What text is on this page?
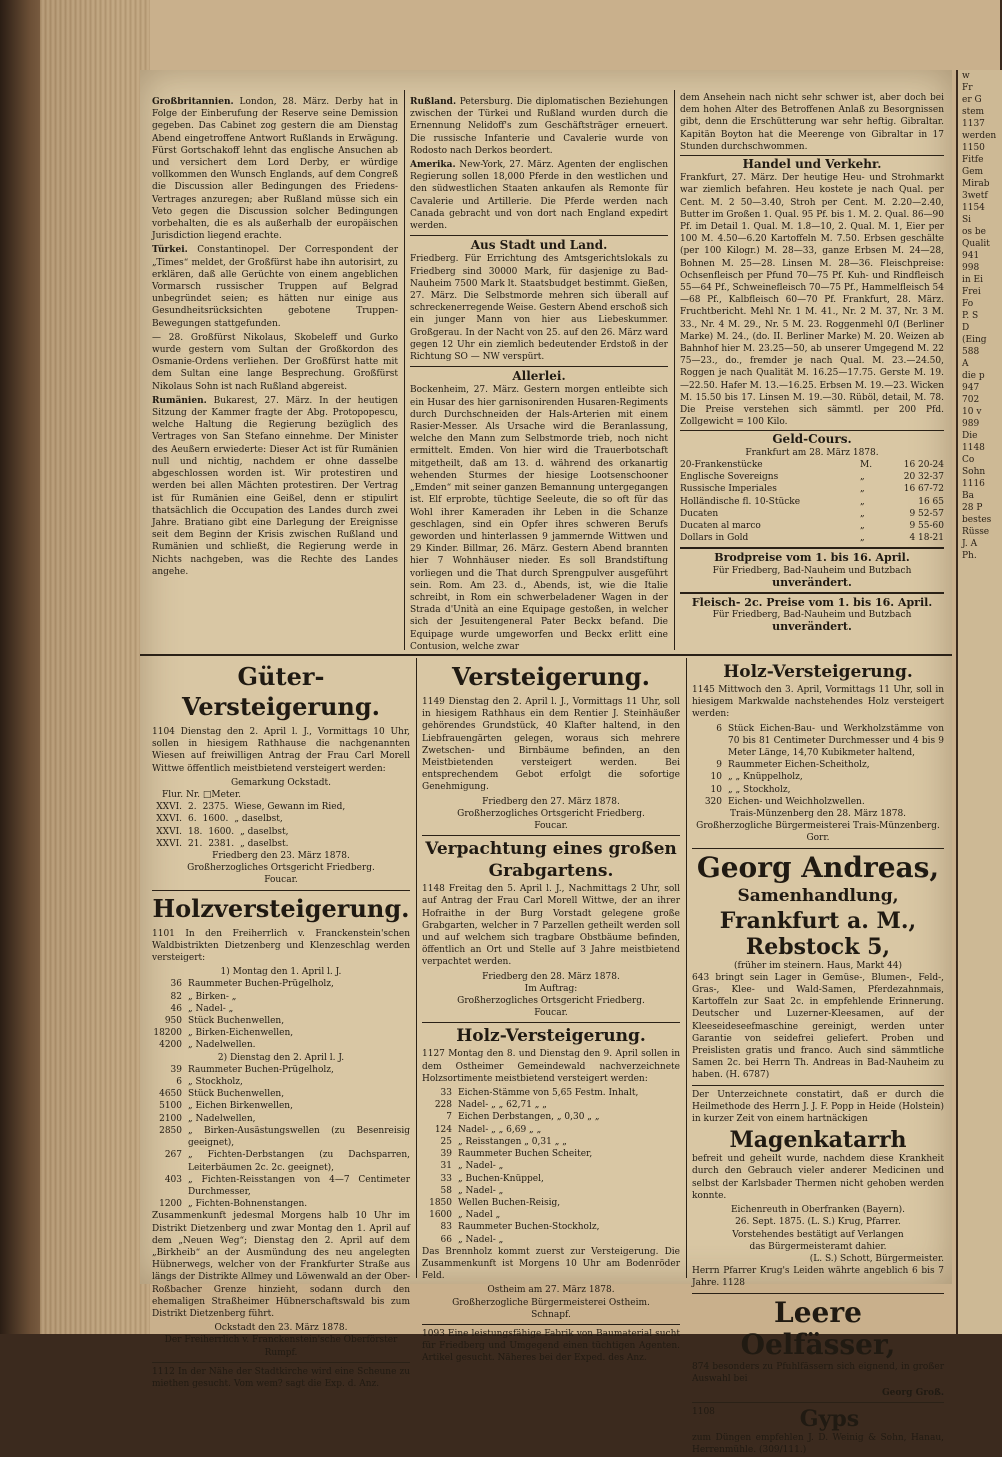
Großbritannien. London, 28. März. Derby hat in Folge der Einberufung der Reserve seine Demission gegeben. Das Cabinet zog gestern die am Dienstag Abend eingetroffene Antwort Rußlands in Erwägung. Fürst Gortschakoff lehnt das englische Ansuchen ab und versichert dem Lord Derby, er würdige vollkommen den Wunsch Englands, auf dem Congreß die Discussion aller Bedingungen des Friedens-Vertrages anzuregen; aber Rußland müsse sich ein Veto gegen die Discussion solcher Bedingungen vorbehalten, die es als außerhalb der europäischen Jurisdiction liegend erachte.

Türkei. Constantinopel. Der Correspondent der „Times“ meldet, der Großfürst habe ihn autorisirt, zu erklären, daß alle Gerüchte von einem angeblichen Vormarsch russischer Truppen auf Belgrad unbegründet seien; es hätten nur einige aus Gesundheitsrücksichten gebotene Truppen-Bewegungen stattgefunden.

— 28. Großfürst Nikolaus, Skobeleff und Gurko wurde gestern vom Sultan der Großkordon des Osmanie-Ordens verliehen. Der Großfürst hatte mit dem Sultan eine lange Besprechung. Großfürst Nikolaus Sohn ist nach Rußland abgereist.

Rumänien. Bukarest, 27. März. In der heutigen Sitzung der Kammer fragte der Abg. Protopopescu, welche Haltung die Regierung bezüglich des Vertrages von San Stefano einnehme. Der Minister des Aeußern erwiederte: Dieser Act ist für Rumänien null und nichtig, nachdem er ohne dasselbe abgeschlossen worden ist. Wir protestiren und werden bei allen Mächten protestiren. Der Vertrag ist für Rumänien eine Geißel, denn er stipulirt thatsächlich die Occupation des Landes durch zwei Jahre. Bratiano gibt eine Darlegung der Ereignisse seit dem Beginn der Krisis zwischen Rußland und Rumänien und schließt, die Regierung werde in Nichts nachgeben, was die Rechte des Landes angehe.

Rußland. Petersburg. Die diplomatischen Beziehungen zwischen der Türkei und Rußland wurden durch die Ernennung Nelidoff's zum Geschäftsträger erneuert. Die russische Infanterie und Cavalerie wurde von Rodosto nach Derkos beordert.

Amerika. New-York, 27. März. Agenten der englischen Regierung sollen 18,000 Pferde in den westlichen und den südwestlichen Staaten ankaufen als Remonte für Cavalerie und Artillerie. Die Pferde werden nach Canada gebracht und von dort nach England expedirt werden.

Aus Stadt und Land.

Friedberg. Für Errichtung des Amtsgerichtslokals zu Friedberg sind 30000 Mark, für dasjenige zu Bad-Nauheim 7500 Mark lt. Staatsbudget bestimmt. Gießen, 27. März. Die Selbstmorde mehren sich überall auf schreckenerregende Weise. Gestern Abend erschoß sich ein junger Mann von hier aus Liebeskummer. Großgerau. In der Nacht von 25. auf den 26. März ward gegen 12 Uhr ein ziemlich bedeutender Erdstoß in der Richtung SO — NW verspürt.

Allerlei.

Bockenheim, 27. März. Gestern morgen entleibte sich ein Husar des hier garnisonirenden Husaren-Regiments durch Durchschneiden der Hals-Arterien mit einem Rasier-Messer. Als Ursache wird die Beranlassung, welche den Mann zum Selbstmorde trieb, noch nicht ermittelt. Emden. Von hier wird die Trauerbotschaft mitgetheilt, daß am 13. d. während des orkanartig wehenden Sturmes der hiesige Lootsenschooner „Emden“ mit seiner ganzen Bemannung untergegangen ist. Elf erprobte, tüchtige Seeleute, die so oft für das Wohl ihrer Kameraden ihr Leben in die Schanze geschlagen, sind ein Opfer ihres schweren Berufs geworden und hinterlassen 9 jammernde Wittwen und 29 Kinder. Billmar, 26. März. Gestern Abend brannten hier 7 Wohnhäuser nieder. Es soll Brandstiftung vorliegen und die That durch Sprengpulver ausgeführt sein. Rom. Am 23. d., Abends, ist, wie die Italie schreibt, in Rom ein schwerbeladener Wagen in der Strada d'Unità an eine Equipage gestoßen, in welcher sich der Jesuitengeneral Pater Beckx befand. Die Equipage wurde umgeworfen und Beckx erlitt eine Contusion, welche zwar

dem Ansehein nach nicht sehr schwer ist, aber doch bei dem hohen Alter des Betroffenen Anlaß zu Besorgnissen gibt, denn die Erschütterung war sehr heftig. Gibraltar. Kapitän Boyton hat die Meerenge von Gibraltar in 17 Stunden durchschwommen.

Handel und Verkehr.

Frankfurt, 27. März. Der heutige Heu- und Strohmarkt war ziemlich befahren. Heu kostete je nach Qual. per Cent. M. 2 50—3.40, Stroh per Cent. M. 2.20—2.40, Butter im Großen 1. Qual. 95 Pf. bis 1. M. 2. Qual. 86—90 Pf. im Detail 1. Qual. M. 1.8—10, 2. Qual. M. 1, Eier per 100 M. 4.50—6.20 Kartoffeln M. 7.50. Erbsen geschälte (per 100 Kilogr.) M. 28—33, ganze Erbsen M. 24—28, Bohnen M. 25—28. Linsen M. 28—36. Fleischpreise: Ochsenfleisch per Pfund 70—75 Pf. Kuh- und Rindfleisch 55—64 Pf., Schweinefleisch 70—75 Pf., Hammelfleisch 54—68 Pf., Kalbfleisch 60—70 Pf. Frankfurt, 28. März. Fruchtbericht. Mehl Nr. 1 M. 41., Nr. 2 M. 37, Nr. 3 M. 33., Nr. 4 M. 29., Nr. 5 M. 23. Roggenmehl 0/I (Berliner Marke) M. 24., (do. II. Berliner Marke) M. 20. Weizen ab Bahnhof hier M. 23.25—50, ab unserer Umgegend M. 22 75—23., do., fremder je nach Qual. M. 23.—24.50, Roggen je nach Qualität M. 16.25—17.75. Gerste M. 19.—22.50. Hafer M. 13.—16.25. Erbsen M. 19.—23. Wicken M. 15.50 bis 17. Linsen M. 19.—30. Rüböl, detail, M. 78. Die Preise verstehen sich sämmtl. per 200 Pfd. Zollgewicht = 100 Kilo.

Geld-Cours.
Frankfurt am 28. März 1878.
20-Frankenstücke	M.	16 20-24
Englische Sovereigns	„	20 32-37
Russische Imperiales	„	16 67-72
Holländische fl. 10-Stücke	„	16 65
Ducaten	„	9 52-57
Ducaten al marco	„	9 55-60
Dollars in Gold	„	4 18-21
Brodpreise vom 1. bis 16. April.
Für Friedberg, Bad-Nauheim und Butzbach
unverändert.
Fleisch- 2c. Preise vom 1. bis 16. April.
Für Friedberg, Bad-Nauheim und Butzbach
unverändert.
Güter-Versteigerung.

1104 Dienstag den 2. April l. J., Vormittags 10 Uhr, sollen in hiesigem Rathhause die nachgenannten Wiesen auf freiwilligen Antrag der Frau Carl Morell Wittwe öffentlich meistbietend versteigert werden:

Gemarkung Ockstadt.
Flur. Nr. □Meter.
XXVI. 2. 2375. Wiese, Gewann im Ried,
XXVI. 6. 1600. „ daselbst,
XXVI. 18. 1600. „ daselbst,
XXVI. 21. 2381. „ daselbst.
Friedberg den 23. März 1878.
Großherzogliches Ortsgericht Friedberg.
Foucar.
Holzversteigerung.

1101 In den Freiherrlich v. Franckenstein'schen Waldbistrikten Dietzenberg und Klenzeschlag werden versteigert:

1) Montag den 1. April l. J.
36 Raummeter Buchen-Prügelholz,
82 „ Birken- „
46 „ Nadel- „
950 Stück Buchenwellen,
18200 „ Birken-Eichenwellen,
4200 „ Nadelwellen.
2) Dienstag den 2. April l. J.
39 Raummeter Buchen-Prügelholz,
6 „ Stockholz,
4650 Stück Buchenwellen,
5100 „ Eichen Birkenwellen,
2100 „ Nadelwellen,
2850 „ Birken-Ausästungswellen (zu Besenreisig geeignet),
267 „ Fichten-Derbstangen (zu Dachsparren, Leiterbäumen 2c. 2c. geeignet),
403 „ Fichten-Reisstangen von 4—7 Centimeter Durchmesser,
1200 „ Fichten-Bohnenstangen.

Zusammenkunft jedesmal Morgens halb 10 Uhr im Distrikt Dietzenberg und zwar Montag den 1. April auf dem „Neuen Weg“; Dienstag den 2. April auf dem „Birkheib“ an der Ausmündung des neu angelegten Hübnerwegs, welcher von der Frankfurter Straße aus längs der Distrikte Allmey und Löwenwald an der Ober-Roßbacher Grenze hinzieht, sodann durch den ehemaligen Straßheimer Hübnerschaftswald bis zum Distrikt Dietzenberg führt.

Ockstadt den 23. März 1878.
Der Freiherrlich v. Franckenstein'sche Oberförster
Rumpf.

1112 In der Nähe der Stadtkirche wird eine Scheune zu miethen gesucht. Vom wem? sagt die Exp. d. Anz.

Versteigerung.

1149 Dienstag den 2. April l. J., Vormittags 11 Uhr, soll in hiesigem Rathhaus ein dem Rentier J. Steinhäußer gehörendes Grundstück, 40 Klafter haltend, in den Liebfrauengärten gelegen, woraus sich mehrere Zwetschen- und Birnbäume befinden, an den Meistbietenden versteigert werden. Bei entsprechendem Gebot erfolgt die sofortige Genehmigung.

Friedberg den 27. März 1878.
Großherzogliches Ortsgericht Friedberg.
Foucar.
Verpachtung eines großen
Grabgartens.

1148 Freitag den 5. April l. J., Nachmittags 2 Uhr, soll auf Antrag der Frau Carl Morell Wittwe, der an ihrer Hofraithe in der Burg Vorstadt gelegene große Grabgarten, welcher in 7 Parzellen getheilt werden soll und auf welchem sich tragbare Obstbäume befinden, öffentlich an Ort und Stelle auf 3 Jahre meistbietend verpachtet werden.

Friedberg den 28. März 1878.
Im Auftrag:
Großherzogliches Ortsgericht Friedberg.
Foucar.
Holz-Versteigerung.

1127 Montag den 8. und Dienstag den 9. April sollen in dem Ostheimer Gemeindewald nachverzeichnete Holzsortimente meistbietend versteigert werden:

33 Eichen-Stämme von 5,65 Festm. Inhalt,
228 Nadel- „ „ 62,71 „ „
7 Eichen Derbstangen, „ 0,30 „ „
124 Nadel- „ „ 6,69 „ „
25 „ Reisstangen „ 0,31 „ „
39 Raummeter Buchen Scheiter,
31 „ Nadel- „
33 „ Buchen-Knüppel,
58 „ Nadel- „
1850 Wellen Buchen-Reisig,
1600 „ Nadel „
83 Raummeter Buchen-Stockholz,
66 „ Nadel- „

Das Brennholz kommt zuerst zur Versteigerung. Die Zusammenkunft ist Morgens 10 Uhr am Bodenröder Feld.

Ostheim am 27. März 1878.
Großherzogliche Bürgermeisterei Ostheim.
Schnapf.

1093 Eine leistungsfähige Fabrik von Baumaterial sucht für Friedberg und Umgegend einen tüchtigen Agenten. Artikel gesucht. Näheres bei der Exped. des Anz.

Holz-Versteigerung.

1145 Mittwoch den 3. April, Vormittags 11 Uhr, soll in hiesigem Markwalde nachstehendes Holz versteigert werden:

6 Stück Eichen-Bau- und Werkholzstämme von 70 bis 81 Centimeter Durchmesser und 4 bis 9 Meter Länge, 14,70 Kubikmeter haltend,
9 Raummeter Eichen-Scheitholz,
10 „ „ Knüppelholz,
10 „ „ Stockholz,
320 Eichen- und Weichholzwellen.
Trais-Münzenberg den 28. März 1878.
Großherzogliche Bürgermeisterei Trais-Münzenberg.
Gorr.
Georg Andreas,
Samenhandlung,
Frankfurt a. M., Rebstock 5,
(früher im steinern. Haus, Markt 44)

643 bringt sein Lager in Gemüse-, Blumen-, Feld-, Gras-, Klee- und Wald-Samen, Pferdezahnmais, Kartoffeln zur Saat 2c. in empfehlende Erinnerung. Deutscher und Luzerner-Kleesamen, auf der Kleeseideseefmaschine gereinigt, werden unter Garantie von seidefrei geliefert. Proben und Preislisten gratis und franco. Auch sind sämmtliche Samen 2c. bei Herrn Th. Andreas in Bad-Nauheim zu haben. (H. 6787)

Der Unterzeichnete constatirt, daß er durch die Heilmethode des Herrn J. J. F. Popp in Heide (Holstein) in kurzer Zeit von einem hartnäckigen

Magenkatarrh

befreit und geheilt wurde, nachdem diese Krankheit durch den Gebrauch vieler anderer Medicinen und selbst der Karlsbader Thermen nicht gehoben werden konnte.

Eichenreuth in Oberfranken (Bayern).
26. Sept. 1875. (L. S.) Krug, Pfarrer.
Vorstehendes bestätigt auf Verlangen
das Bürgermeisteramt dahier.
(L. S.) Schott, Bürgermeister.
Herrn Pfarrer Krug's Leiden währte angeblich 6 bis 7 Jahre. 1128
Leere Oelfässer,

874 besonders zu Pfuhlfässern sich eignend, in großer Auswahl bei

Georg Groß.
1108	Gyps

zum Düngen empfehlen J. D. Weinig & Sohn, Hanau, Herrenmühle. (309/111.)

w
Fr
er G
stem
1137
werden
1150
Fitfe
Gem
Mirab
3wetf
1154
Si
os be
Qualit
941
998
in Ei
Frei
Fo
P. S
D
(Eing
588
A
die p
947
702
10 v
989
Die
1148
Co
Sohn
1116
Ba
28 P
bestes
Rüsse
J. A
Ph.
